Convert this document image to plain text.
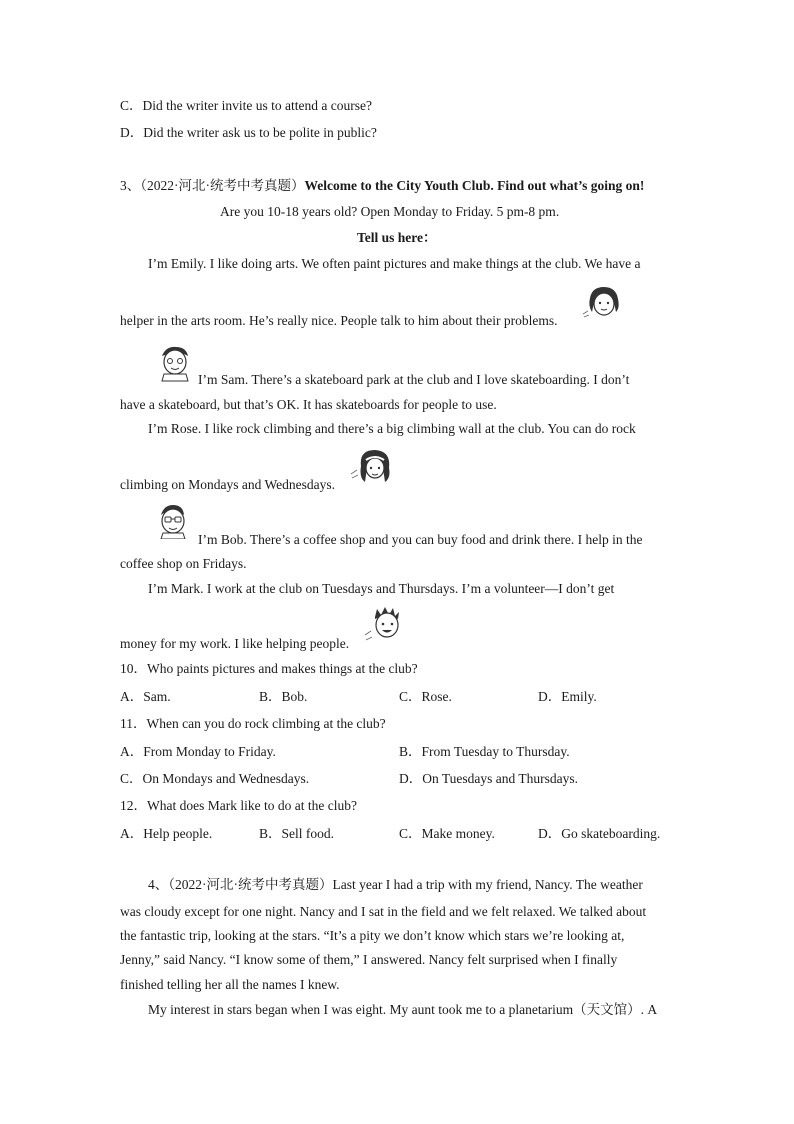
C．Did the writer invite us to attend a course?
D．Did the writer ask us to be polite in public?
3、（2022·河北·统考中考真题）Welcome to the City Youth Club. Find out what’s going on!
Are you 10-18 years old? Open Monday to Friday. 5 pm-8 pm.
Tell us here：
I’m Emily. I like doing arts. We often paint pictures and make things at the club. We have a
helper in the arts room. He’s really nice. People talk to him about their problems.
I’m Sam. There’s a skateboard park at the club and I love skateboarding. I don’t
have a skateboard, but that’s OK. It has skateboards for people to use.
I’m Rose. I like rock climbing and there’s a big climbing wall at the club. You can do rock
climbing on Mondays and Wednesdays.
I’m Bob. There’s a coffee shop and you can buy food and drink there. I help in the
coffee shop on Fridays.
I’m Mark. I work at the club on Tuesdays and Thursdays. I’m a volunteer—I don’t get
money for my work. I like helping people.
10．Who paints pictures and makes things at the club?
A．Sam.	B．Bob.	C．Rose.	D．Emily.
11．When can you do rock climbing at the club?
A．From Monday to Friday.	B．From Tuesday to Thursday.
C．On Mondays and Wednesdays.	D．On Tuesdays and Thursdays.
12．What does Mark like to do at the club?
A．Help people.	B．Sell food.	C．Make money.	D．Go skateboarding.
4、（2022·河北·统考中考真题）Last year I had a trip with my friend, Nancy. The weather
was cloudy except for one night. Nancy and I sat in the field and we felt relaxed. We talked about
the fantastic trip, looking at the stars. “It’s a pity we don’t know which stars we’re looking at,
Jenny,” said Nancy. “I know some of them,” I answered. Nancy felt surprised when I finally
finished telling her all the names I knew.
My interest in stars began when I was eight. My aunt took me to a planetarium（天文馆）. A
